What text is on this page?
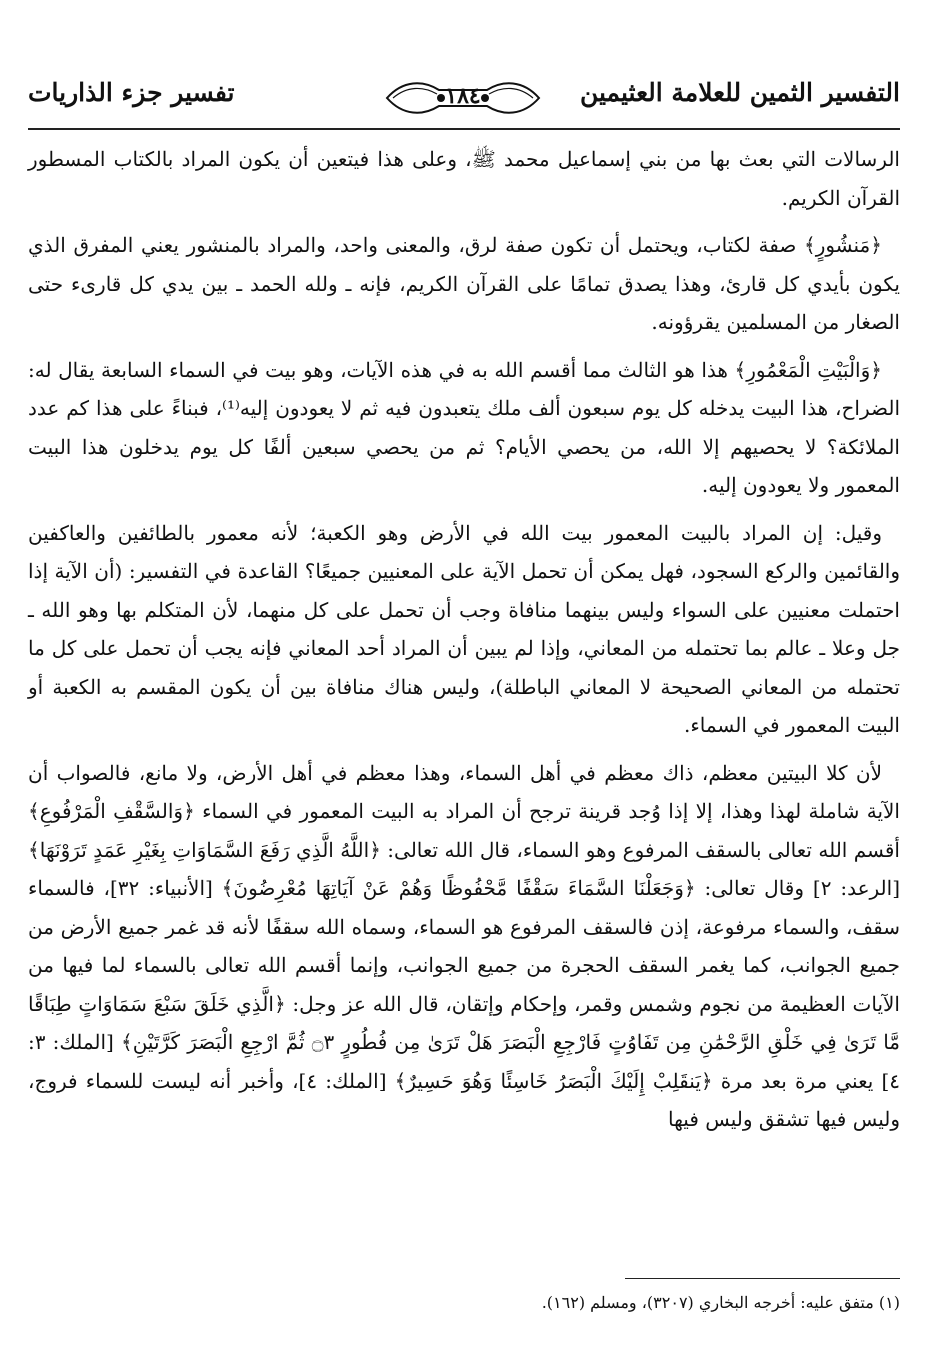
التفسير الثمين للعلامة العثيمين
١٨٤
تفسير جزء الذاريات

الرسالات التي بعث بها من بني إسماعيل محمد ﷺ، وعلى هذا فيتعين أن يكون المراد بالكتاب المسطور القرآن الكريم.

﴿مَنشُورٍ﴾ صفة لكتاب، ويحتمل أن تكون صفة لرق، والمعنى واحد، والمراد بالمنشور يعني المفرق الذي يكون بأيدي كل قارئ، وهذا يصدق تمامًا على القرآن الكريم، فإنه ـ ولله الحمد ـ بين يدي كل قارىء حتى الصغار من المسلمين يقرؤونه.

﴿وَالْبَيْتِ الْمَعْمُورِ﴾ هذا هو الثالث مما أقسم الله به في هذه الآيات، وهو بيت في السماء السابعة يقال له: الضراح، هذا البيت يدخله كل يوم سبعون ألف ملك يتعبدون فيه ثم لا يعودون إليه⁽¹⁾، فبناءً على هذا كم عدد الملائكة؟ لا يحصيهم إلا الله، من يحصي الأيام؟ ثم من يحصي سبعين ألفًا كل يوم يدخلون هذا البيت المعمور ولا يعودون إليه.

وقيل: إن المراد بالبيت المعمور بيت الله في الأرض وهو الكعبة؛ لأنه معمور بالطائفين والعاكفين والقائمين والركع السجود، فهل يمكن أن تحمل الآية على المعنيين جميعًا؟ القاعدة في التفسير: (أن الآية إذا احتملت معنيين على السواء وليس بينهما منافاة وجب أن تحمل على كل منهما، لأن المتكلم بها وهو الله ـ جل وعلا ـ عالم بما تحتمله من المعاني، وإذا لم يبين أن المراد أحد المعاني فإنه يجب أن تحمل على كل ما تحتمله من المعاني الصحيحة لا المعاني الباطلة)، وليس هناك منافاة بين أن يكون المقسم به الكعبة أو البيت المعمور في السماء.

لأن كلا البيتين معظم، ذاك معظم في أهل السماء، وهذا معظم في أهل الأرض، ولا مانع، فالصواب أن الآية شاملة لهذا وهذا، إلا إذا وُجد قرينة ترجح أن المراد به البيت المعمور في السماء ﴿وَالسَّقْفِ الْمَرْفُوعِ﴾ أقسم الله تعالى بالسقف المرفوع وهو السماء، قال الله تعالى: ﴿اللَّهُ الَّذِي رَفَعَ السَّمَاوَاتِ بِغَيْرِ عَمَدٍ تَرَوْنَهَا﴾ [الرعد: ٢] وقال تعالى: ﴿وَجَعَلْنَا السَّمَاءَ سَقْفًا مَّحْفُوظًا وَهُمْ عَنْ آيَاتِهَا مُعْرِضُونَ﴾ [الأنبياء: ٣٢]، فالسماء سقف، والسماء مرفوعة، إذن فالسقف المرفوع هو السماء، وسماه الله سقفًا لأنه قد غمر جميع الأرض من جميع الجوانب، كما يغمر السقف الحجرة من جميع الجوانب، وإنما أقسم الله تعالى بالسماء لما فيها من الآيات العظيمة من نجوم وشمس وقمر، وإحكام وإتقان، قال الله عز وجل: ﴿الَّذِي خَلَقَ سَبْعَ سَمَاوَاتٍ طِبَاقًا مَّا تَرَىٰ فِي خَلْقِ الرَّحْمَٰنِ مِن تَفَاوُتٍ فَارْجِعِ الْبَصَرَ هَلْ تَرَىٰ مِن فُطُورٍ ۝٣ ثُمَّ ارْجِعِ الْبَصَرَ كَرَّتَيْنِ﴾ [الملك: ٣: ٤] يعني مرة بعد مرة ﴿يَنقَلِبْ إِلَيْكَ الْبَصَرُ خَاسِئًا وَهُوَ حَسِيرٌ﴾ [الملك: ٤]، وأخبر أنه ليست للسماء فروج، وليس فيها تشقق وليس فيها

(١) متفق عليه: أخرجه البخاري (٣٢٠٧)، ومسلم (١٦٢).
